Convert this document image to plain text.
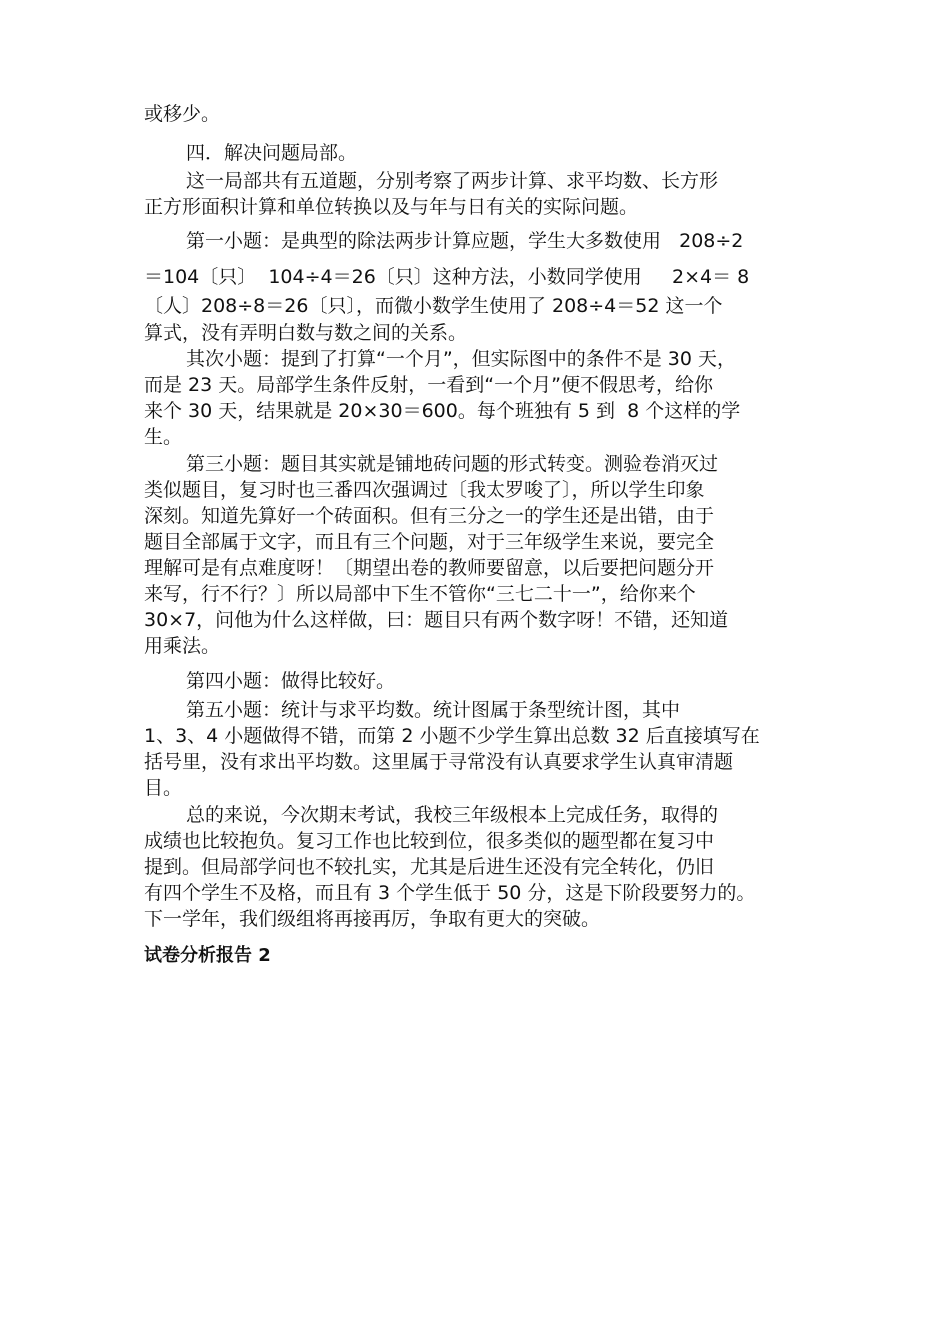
或移少。
四．解决问题局部。
这一局部共有五道题，分别考察了两步计算、求平均数、长方形
正方形面积计算和单位转换以及与年与日有关的实际问题。
第一小题：是典型的除法两步计算应题，学生大多数使用   208÷2
＝104〔只〕  104÷4＝26〔只〕这种方法，小数同学使用     2×4＝ 8
〔人〕208÷8＝26〔只〕，而微小数学生使用了 208÷4＝52 这一个
算式，没有弄明白数与数之间的关系。
其次小题：提到了打算“一个月”，但实际图中的条件不是 30 天，
而是 23 天。局部学生条件反射，一看到“一个月”便不假思考，给你
来个 30 天，结果就是 20×30＝600。每个班独有 5 到  8 个这样的学
生。
第三小题：题目其实就是铺地砖问题的形式转变。测验卷消灭过
类似题目，复习时也三番四次强调过〔我太罗唆了〕，所以学生印象
深刻。知道先算好一个砖面积。但有三分之一的学生还是出错，由于
题目全部属于文字，而且有三个问题，对于三年级学生来说，要完全
理解可是有点难度呀！〔期望出卷的教师要留意，以后要把问题分开
来写，行不行？〕所以局部中下生不管你“三七二十一”，给你来个
30×7，问他为什么这样做，曰：题目只有两个数字呀！不错，还知道
用乘法。
第四小题：做得比较好。
第五小题：统计与求平均数。统计图属于条型统计图，其中
1、3、4 小题做得不错，而第 2 小题不少学生算出总数 32 后直接填写在
括号里，没有求出平均数。这里属于寻常没有认真要求学生认真审清题
目。
总的来说，今次期末考试，我校三年级根本上完成任务，取得的
成绩也比较抱负。复习工作也比较到位，很多类似的题型都在复习中
提到。但局部学问也不较扎实，尤其是后进生还没有完全转化，仍旧
有四个学生不及格，而且有 3 个学生低于 50 分，这是下阶段要努力的。
下一学年，我们级组将再接再厉，争取有更大的突破。
试卷分析报告 2
